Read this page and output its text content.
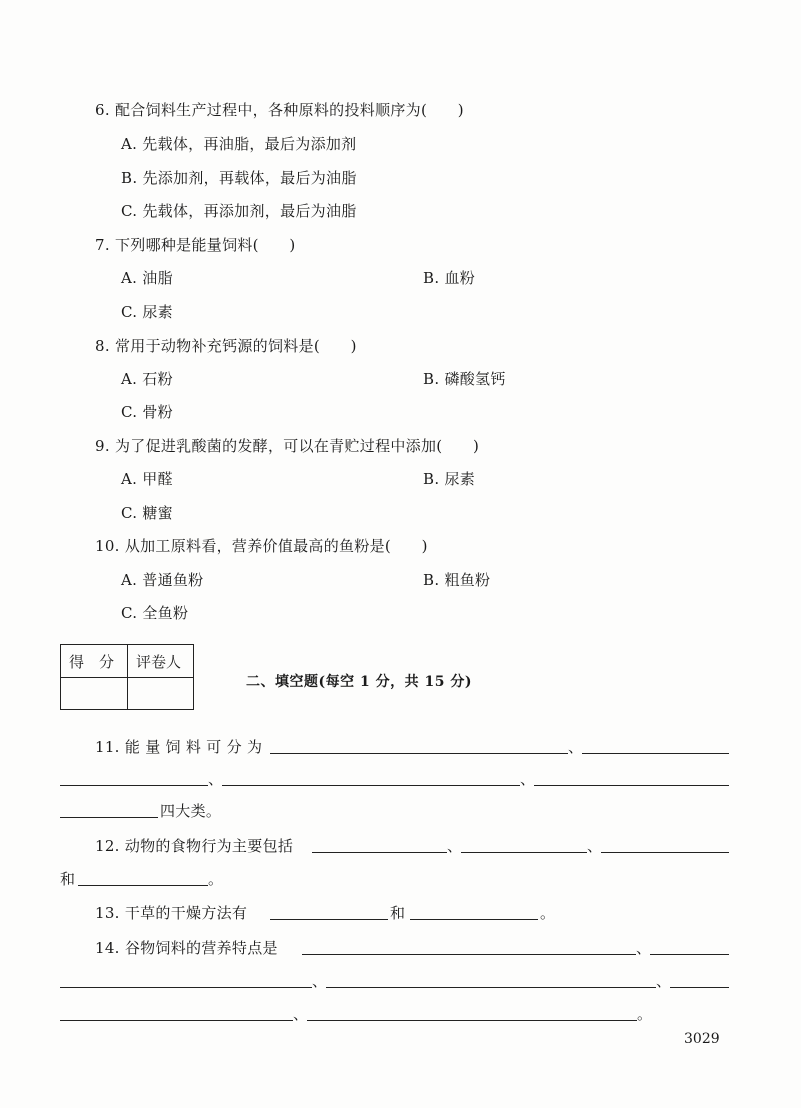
6. 配合饲料生产过程中，各种原料的投料顺序为(　　)
A. 先载体，再油脂，最后为添加剂
B. 先添加剂，再载体，最后为油脂
C. 先载体，再添加剂，最后为油脂
7. 下列哪种是能量饲料(　　)
A. 油脂	B. 血粉
C. 尿素
8. 常用于动物补充钙源的饲料是(　　)
A. 石粉	B. 磷酸氢钙
C. 骨粉
9. 为了促进乳酸菌的发酵，可以在青贮过程中添加(　　)
A. 甲醛	B. 尿素
C. 糖蜜
10. 从加工原料看，营养价值最高的鱼粉是(　　)
A. 普通鱼粉	B. 粗鱼粉
C. 全鱼粉
得　分 评卷人
二、填空题(每空 1 分，共 15 分)
11. 能 量 饲 料 可 分 为	、
、	、
四大类。
12. 动物的食物行为主要包括	、	、
和	。
13. 干草的干燥方法有	和	。
14. 谷物饲料的营养特点是	、
、	、
、	。
3029
